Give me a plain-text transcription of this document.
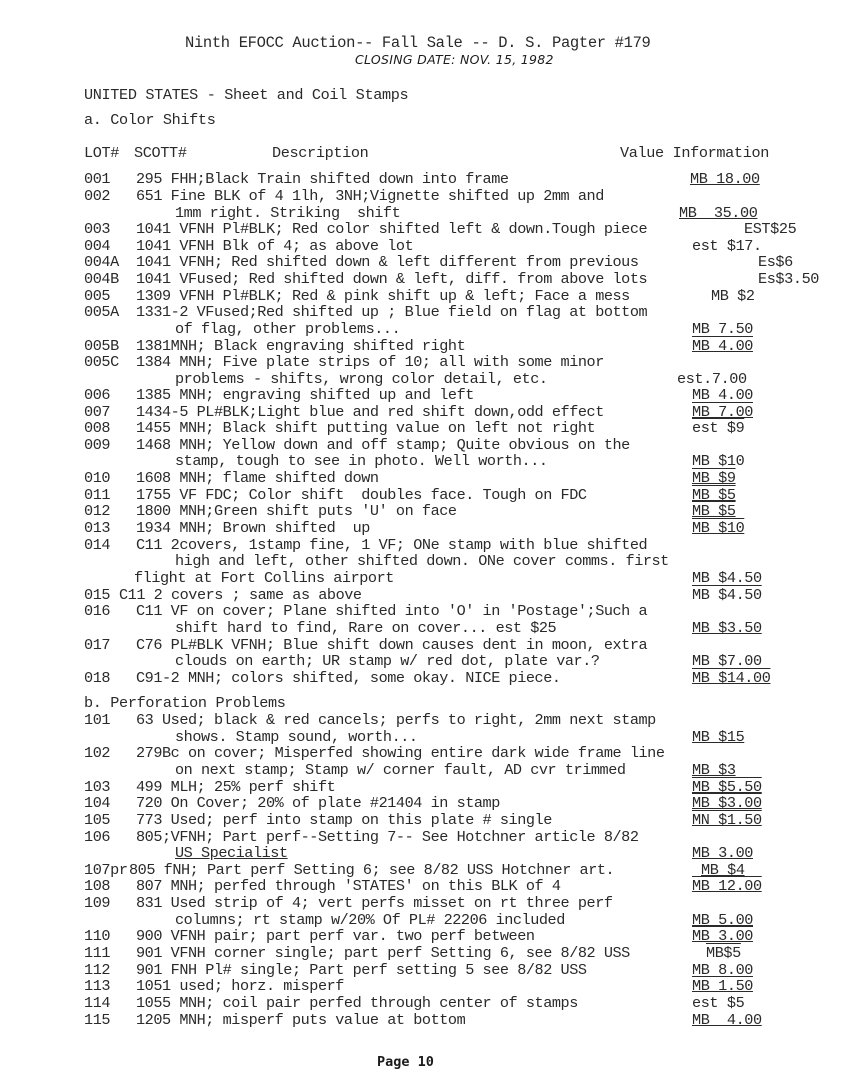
Ninth EFOCC Auction-- Fall Sale -- D. S. Pagter #179
CLOSING DATE: NOV. 15, 1982
UNITED STATES - Sheet and Coil Stamps
a. Color Shifts
LOT# SCOTT#	Description	Value Information
001 295 FHH;Black Train shifted down into frame	MB 18.00
002 651 Fine BLK of 4 1lh, 3NH;Vignette shifted up 2mm and
1mm right. Striking  shift	MB  35.00
003 1041 VFNH Pl#BLK; Red color shifted left & down.Tough piece	EST$25
004 1041 VFNH Blk of 4; as above lot	est $17.
004A 1041 VFNH; Red shifted down & left different from previous	Es$6
004B 1041 VFused; Red shifted down & left, diff. from above lots	Es$3.50
005 1309 VFNH Pl#BLK; Red & pink shift up & left; Face a mess	MB $2
005A 1331-2 VFused;Red shifted up ; Blue field on flag at bottom
of flag, other problems...	MB 7.50
005B 1381MNH; Black engraving shifted right	MB 4.00
005C 1384 MNH; Five plate strips of 10; all with some minor
problems - shifts, wrong color detail, etc.	est.7.00
006 1385 MNH; engraving shifted up and left	MB 4.00
007 1434-5 PL#BLK;Light blue and red shift down,odd effect	MB 7.00
008 1455 MNH; Black shift putting value on left not right	est $9
009 1468 MNH; Yellow down and off stamp; Quite obvious on the
stamp, tough to see in photo. Well worth...	MB $10
010 1608 MNH; flame shifted down	MB $9
011 1755 VF FDC; Color shift  doubles face. Tough on FDC	MB $5
012 1800 MNH;Green shift puts 'U' on face	MB $5
013 1934 MNH; Brown shifted  up	MB $10
014 C11 2covers, 1stamp fine, 1 VF; ONe stamp with blue shifted
high and left, other shifted down. ONe cover comms. first
flight at Fort Collins airport	MB $4.50
015 C11 2 covers ; same as above	MB $4.50
016 C11 VF on cover; Plane shifted into 'O' in 'Postage';Such a
shift hard to find, Rare on cover... est $25	MB $3.50
017 C76 PL#BLK VFNH; Blue shift down causes dent in moon, extra
clouds on earth; UR stamp w/ red dot, plate var.?	MB $7.00
018 C91-2 MNH; colors shifted, some okay. NICE piece.	MB $14.00
b. Perforation Problems
101 63 Used; black & red cancels; perfs to right, 2mm next stamp
shows. Stamp sound, worth...	MB $15
102 279Bc on cover; Misperfed showing entire dark wide frame line
on next stamp; Stamp w/ corner fault, AD cvr trimmed	MB $3
103 499 MLH; 25% perf shift	MB $5.50
104 720 On Cover; 20% of plate #21404 in stamp	MB $3.00
105 773 Used; perf into stamp on this plate # single	MN $1.50
106 805;VFNH; Part perf--Setting 7-- See Hotchner article 8/82
US Specialist	MB 3.00
107pr 805 fNH; Part perf Setting 6; see 8/82 USS Hotchner art.	MB $4
108 807 MNH; perfed through 'STATES' on this BLK of 4	MB 12.00
109 831 Used strip of 4; vert perfs misset on rt three perf
columns; rt stamp w/20% Of PL# 22206 included	MB 5.00
110 900 VFNH pair; part perf var. two perf between	MB 3.00
111 901 VFNH corner single; part perf Setting 6, see 8/82 USS	MB$5
112 901 FNH Pl# single; Part perf setting 5 see 8/82 USS	MB 8.00
113 1051 used; horz. misperf	MB 1.50
114 1055 MNH; coil pair perfed through center of stamps	est $5
115 1205 MNH; misperf puts value at bottom	MB  4.00
Page 10
